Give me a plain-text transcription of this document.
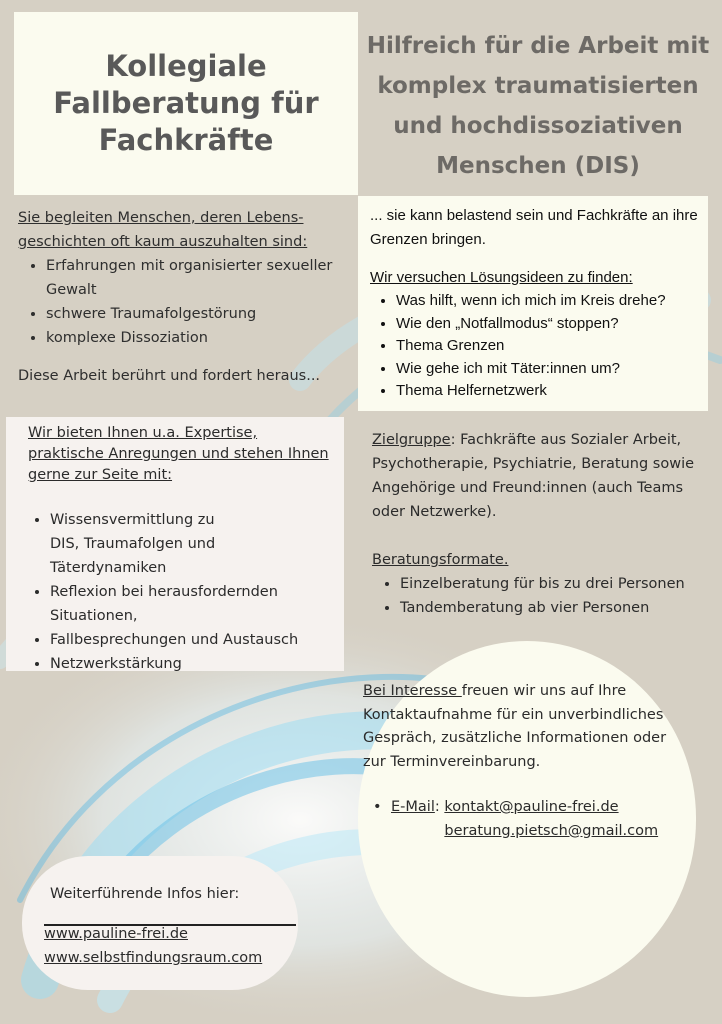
Kollegiale
Fallberatung für
Fachkräfte
Hilfreich für die Arbeit mit
komplex traumatisierten
und hochdissoziativen
Menschen (DIS)
Sie begleiten Menschen, deren Lebens-
geschichten oft kaum auszuhalten sind:
• Erfahrungen mit organisierter sexueller Gewalt
• schwere Traumafolgestörung
• komplexe Dissoziation
Diese Arbeit berührt und fordert heraus...
... sie kann belastend sein und Fachkräfte an ihre Grenzen bringen.
Wir versuchen Lösungsideen zu finden:
• Was hilft, wenn ich mich im Kreis drehe?
• Wie den „Notfallmodus“ stoppen?
• Thema Grenzen
• Wie gehe ich mit Täter:innen um?
• Thema Helfernetzwerk
Wir bieten Ihnen u.a. Expertise, praktische Anregungen und stehen Ihnen gerne zur Seite mit:
• Wissensvermittlung zu
DIS, Traumafolgen und Täterdynamiken
• Reflexion bei herausfordernden
Situationen,
• Fallbesprechungen und Austausch
• Netzwerkstärkung
Zielgruppe: Fachkräfte aus Sozialer Arbeit, Psychotherapie, Psychiatrie, Beratung sowie Angehörige und Freund:innen (auch Teams oder Netzwerke).
Beratungsformate.
• Einzelberatung für bis zu drei Personen
• Tandemberatung ab vier Personen
Bei Interesse freuen wir uns auf Ihre Kontaktaufnahme für ein unverbindliches Gespräch, zusätzliche Informationen oder zur Terminvereinbarung.
• E-Mail: kontakt@pauline-frei.de
beratung.pietsch@gmail.com
Weiterführende Infos hier:
www.pauline-frei.de
www.selbstfindungsraum.com
